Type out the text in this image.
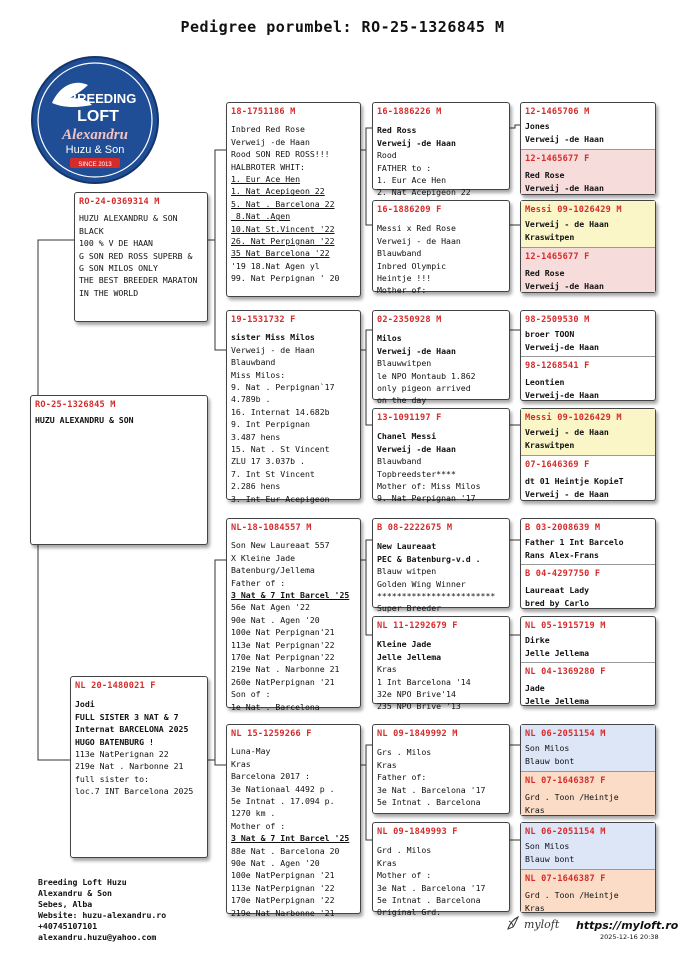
Pedigree porumbel: RO-25-1326845 M
BREEDING
LOFT
Alexandru
Huzu & Son
SINCE 2013
RO-25-1326845 M
HUZU ALEXANDRU & SON
RO-24-0369314 M
HUZU ALEXANDRU & SON
BLACK
100 % V DE HAAN
G SON RED ROSS SUPERB &
G SON MILOS ONLY
THE BEST BREEDER MARATON
IN THE WORLD
NL 20-1480021 F
Jodi
FULL SISTER 3 NAT & 7
Internat BARCELONA 2025
HUGO BATENBURG !
113e NatPerignan 22
219e Nat . Narbonne 21
full sister to:
loc.7 INT Barcelona 2025
18-1751186 M
Inbred Red Rose
Verweij -de Haan
Rood SON RED ROSS!!!
HALBROTER WHIT:
1. Eur Ace Hen
1. Nat Acepigeon 22
5. Nat . Barcelona 22
8.Nat .Agen
10.Nat St.Vincent '22
26. Nat Perpignan '22
35 Nat Barcelona '22
'19 18.Nat Agen yl
99. Nat Perpignan ' 20
19-1531732 F
sister Miss Milos
Verweij - de Haan
Blauwband
Miss Milos:
9. Nat . Perpignan`17
4.789b .
16. Internat 14.682b
9. Int Perpignan
3.487 hens
15. Nat . St Vincent
ZLU 17 3.037b .
7. Int St Vincent
2.286 hens
3. Int Eur Acepigeon
NL-18-1084557 M
Son New Laureaat 557
X Kleine Jade
Batenburg/Jellema
Father of :
3 Nat & 7 Int Barcel '25
56e Nat Agen '22
90e Nat . Agen '20
100e Nat Perpignan'21
113e Nat Perpignan'22
170e Nat Perpignan'22
219e Nat . Narbonne 21
260e NatPerpignan '21
Son of :
1e Nat . Barcelona
NL 15-1259266 F
Luna-May
Kras
Barcelona 2017 :
3e Nationaal 4492 p .
5e Intnat . 17.094 p.
1270 km .
Mother of :
3 Nat & 7 Int Barcel '25
88e Nat . Barcelona 20
90e Nat . Agen '20
100e NatPerpignan '21
113e NatPerpignan '22
170e NatPerpignan '22
219e Nat Narbonne '21
16-1886226 M
Red Ross
Verweij -de Haan
Rood
FATHER to :
1. Eur Ace Hen
2. Nat Acepigeon 22
16-1886209 F
Messi x Red Rose
Verweij - de Haan
Blauwband
Inbred Olympic
Heintje !!!
Mother of:
02-2350928 M
Milos
Verweij -de Haan
Blauwwitpen
le NPO Montaub 1.862
only pigeon arrived
on the day
13-1091197 F
Chanel Messi
Verweij -de Haan
Blauwband
Topbreedster****
Mother of: Miss Milos
9. Nat Perpignan '17
B 08-2222675 M
New Laureaat
PEC & Batenburg-v.d .
Blauw witpen
Golden Wing Winner
************************
Super Breeder
NL 11-1292679 F
Kleine Jade
Jelle Jellema
Kras
1 Int Barcelona '14
32e NPO Brive'14
235 NPO Brive '13
NL 09-1849992 M
Grs . Milos
Kras
Father of:
3e Nat . Barcelona '17
5e Intnat . Barcelona
NL 09-1849993 F
Grd . Milos
Kras
Mother of :
3e Nat . Barcelona '17
5e Intnat . Barcelona
Original Grd.
12-1465706 M
Jones
Verweij -de Haan
12-1465677 F
Red Rose
Verweij -de Haan
Messi 09-1026429 M
Verweij - de Haan
Kraswitpen
12-1465677 F
Red Rose
Verweij -de Haan
98-2509530 M
broer TOON
Verweij-de Haan
98-1268541 F
Leontien
Verweij-de Haan
Messi 09-1026429 M
Verweij - de Haan
Kraswitpen
07-1646369 F
dt 01 Heintje KopieT
Verweij - de Haan
B 03-2008639 M
Father 1 Int Barcelo
Rans Alex-Frans
B 04-4297750 F
Laureaat Lady
bred by Carlo
NL 05-1915719 M
Dirke
Jelle Jellema
NL 04-1369280 F
Jade
Jelle Jellema
NL 06-2051154 M
Son Milos
Blauw bont
NL 07-1646387 F
Grd . Toon /Heintje
Kras
NL 06-2051154 M
Son Milos
Blauw bont
NL 07-1646387 F
Grd . Toon /Heintje
Kras
Breeding Loft Huzu
Alexandru & Son
Sebes, Alba
Website: huzu-alexandru.ro
+40745107101
alexandru.huzu@yahoo.com
myloft https://myloft.ro
2025-12-16 20:38
